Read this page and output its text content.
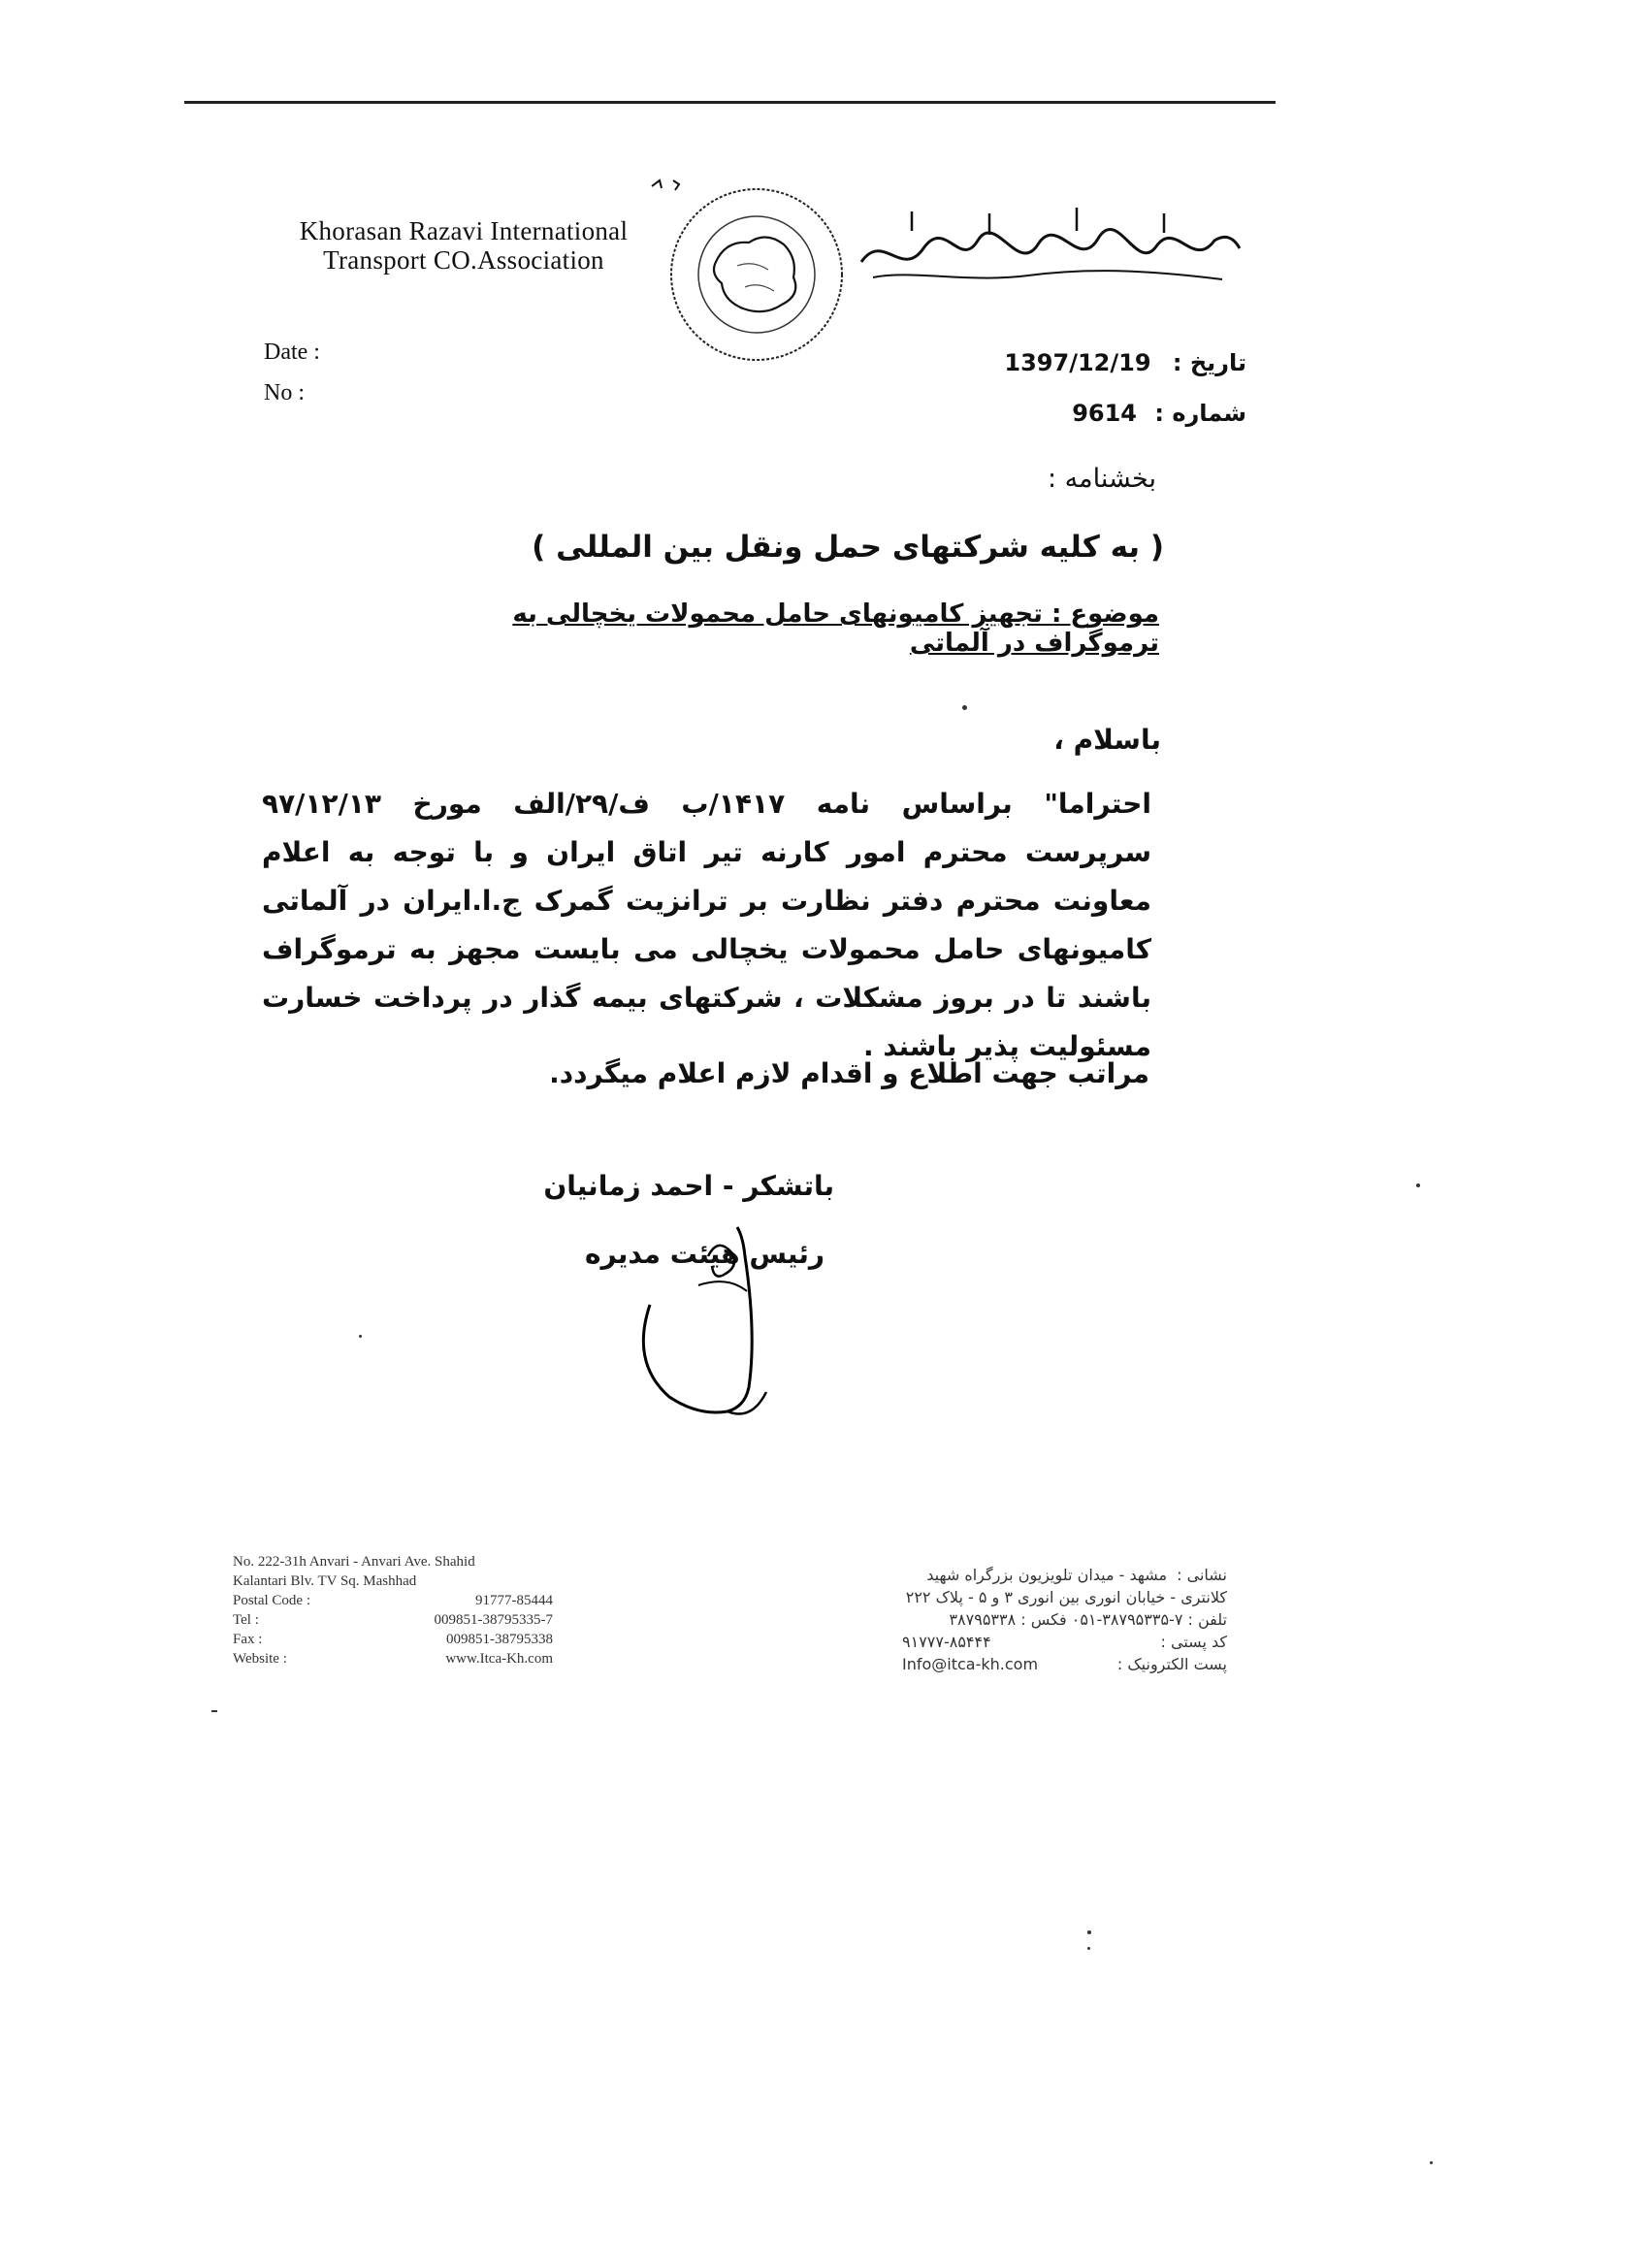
Khorasan Razavi International
Transport CO.Association
Date :
No :
تاریخ : 1397/12/19
شماره : 9614
بخشنامه :
( به کلیه شرکتهای حمل ونقل بین المللی )
موضوع : تجهیز کامیونهای حامل محمولات یخچالی به ترموگراف در آلماتی
باسلام ،
احتراما" براساس نامه ۱۴۱۷/ب ف/۲۹/الف مورخ ۹۷/۱۲/۱۳ سرپرست محترم امور کارنه تیر اتاق ایران و با توجه به اعلام معاونت محترم دفتر نظارت بر ترانزیت گمرک ج.ا.ایران در آلماتی کامیونهای حامل محمولات یخچالی می بایست مجهز به ترموگراف باشند تا در بروز مشکلات ، شرکتهای بیمه گذار در پرداخت خسارت مسئولیت پذیر باشند .
مراتب جهت اطلاع و اقدام لازم اعلام میگردد.
باتشکر - احمد زمانیان
رئیس هیئت مدیره
No. 222-31h Anvari - Anvari Ave. Shahid
Kalantari Blv. TV Sq. Mashhad
Postal Code :	91777-85444
Tel :	009851-38795335-7
Fax :	009851-38795338
Website :	www.Itca-Kh.com
نشانی :
مشهد - میدان تلویزیون بزرگراه شهید
کلانتری - خیابان انوری بین انوری ۳ و ۵ - پلاک ۲۲۲
تلفن : ۷-۳۸۷۹۵۳۳۵-۰۵۱ فکس : ۳۸۷۹۵۳۳۸
کد پستی :
۹۱۷۷۷-۸۵۴۴۴
پست الکترونیک :
Info@itca-kh.com
